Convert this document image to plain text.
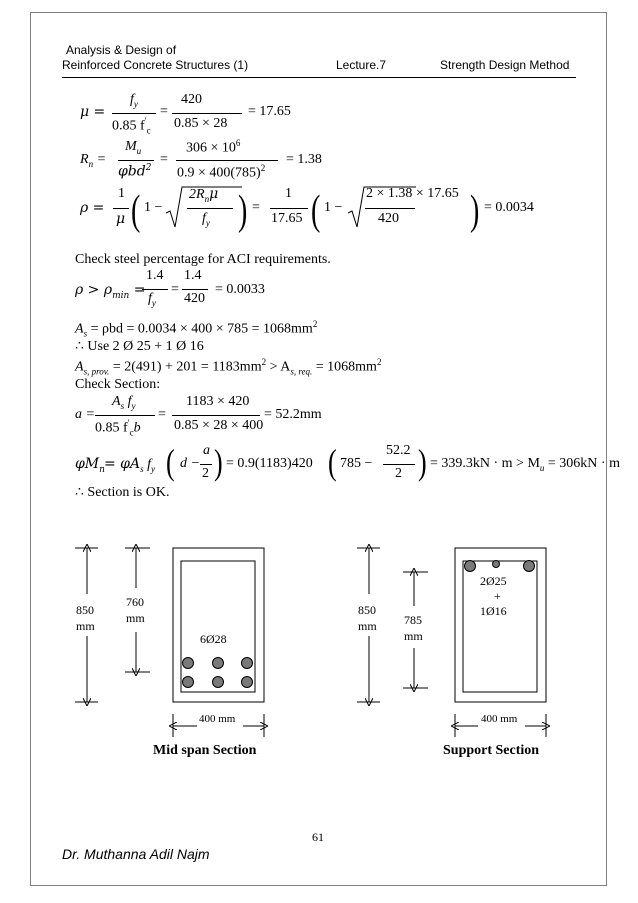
Analysis & Design of
Reinforced Concrete Structures (1)	Lecture.7	Strength Design Method
μ =
$f_y$
0.85 $f'_c$
=
420
0.85 × 28
= 17.65
$R_n$ =
$M_u$
φbd$^2$
=
$306 \times 10^6$
$0.9 \times 400(785)^2$
= 1.38
ρ =
1
μ ( 1 −
$2R_n\mu$
$f_y$ ) =
1
17.65 ( 1 −
2 × 1.38 × 17.65
420	) = 0.0034
Check steel percentage for ACI requirements.
$\rho > \rho_{min}$ =
1.4
$f_y$
=
1.4
420
= 0.0033
$A_s = \rho bd = 0.0034 \times 400 \times 785 = 1068mm^2$
∴ Use 2 Ø 25 + 1 Ø 16
$A_{s, prov.} = 2(491) + 201 = 1183mm^2 > A_{s, req.} = 1068mm^2$
Check Section:
a =
$A_s$ $f_y$
0.85 $f'_cb$
=
1183 × 420
0.85 × 28 × 400
= 52.2mm
$\varphi M_n = \varphi A_s$ $f_y$ ( d −
a
2 ) = 0.9(1183)420 ( 785 −
52.2
2 ) = $339.3kN \cdot m > M_u = 306kN \cdot m$
∴ Section is OK.
6Ø28
850
mm
760
mm
400 mm
Mid span Section
2Ø25
+
1Ø16
850
mm 785
mm
400 mm
Support Section
61
Dr. Muthanna Adil Najm
